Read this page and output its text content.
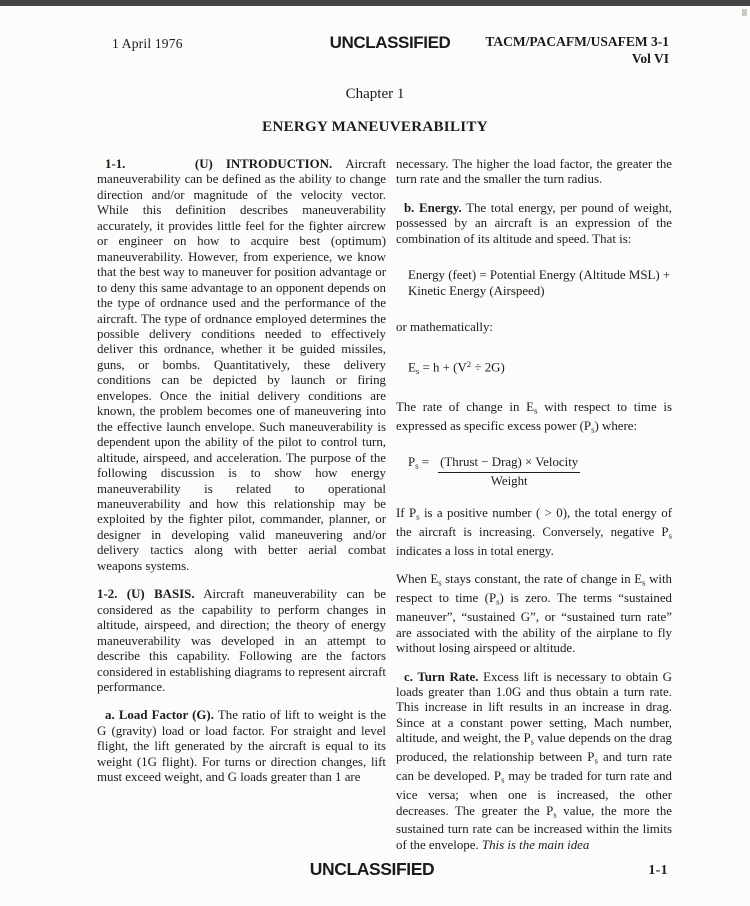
1 April 1976	UNCLASSIFIED	TACM/PACAFM/USAFEM 3-1
Vol VI
Chapter 1
ENERGY MANEUVERABILITY

1-1. (U) INTRODUCTION. Aircraft maneuverability can be defined as the ability to change direction and/or magnitude of the velocity vector. While this definition describes maneuverability accurately, it provides little feel for the fighter aircrew or engineer on how to acquire best (optimum) maneuverability. However, from experience, we know that the best way to maneuver for position advantage or to deny this same advantage to an opponent depends on the type of ordnance used and the performance of the aircraft. The type of ordnance employed determines the possible delivery conditions needed to effectively deliver this ordnance, whether it be guided missiles, guns, or bombs. Quantitatively, these delivery conditions can be depicted by launch or firing envelopes. Once the initial delivery conditions are known, the problem becomes one of maneuvering into the effective launch envelope. Such maneuverability is dependent upon the ability of the pilot to control turn, altitude, airspeed, and acceleration. The purpose of the following discussion is to show how energy maneuverability is related to operational maneuverability and how this relationship may be exploited by the fighter pilot, commander, planner, or designer in developing valid maneuvering and/or delivery tactics along with better aerial combat weapons systems.

1-2. (U) BASIS. Aircraft maneuverability can be considered as the capability to perform changes in altitude, airspeed, and direction; the theory of energy maneuverability was developed in an attempt to describe this capability. Following are the factors considered in establishing diagrams to represent aircraft performance.

a. Load Factor (G). The ratio of lift to weight is the G (gravity) load or load factor. For straight and level flight, the lift generated by the aircraft is equal to its weight (1G flight). For turns or direction changes, lift must exceed weight, and G loads greater than 1 are

necessary. The higher the load factor, the greater the turn rate and the smaller the turn radius.

b. Energy. The total energy, per pound of weight, possessed by an aircraft is an expression of the combination of its altitude and speed. That is:

Energy (feet) = Potential Energy (Altitude MSL) + Kinetic Energy (Airspeed)

or mathematically:

$Es = h + (V^2 \div 2G)$

The rate of change in Es with respect to time is expressed as specific excess power (Ps) where:

$Ps = \frac{\text{(Thrust − Drag) × Velocity}}{\text{Weight}}$

If Ps is a positive number ( > 0), the total energy of the aircraft is increasing. Conversely, negative Ps indicates a loss in total energy.

When Es stays constant, the rate of change in Es with respect to time (Ps) is zero. The terms “sustained maneuver”, “sustained G”, or “sustained turn rate” are associated with the ability of the airplane to fly without losing airspeed or altitude.

c. Turn Rate. Excess lift is necessary to obtain G loads greater than 1.0G and thus obtain a turn rate. This increase in lift results in an increase in drag. Since at a constant power setting, Mach number, altitude, and weight, the Ps value depends on the drag produced, the relationship between Ps and turn rate can be developed. Ps may be traded for turn rate and vice versa; when one is increased, the other decreases. The greater the Ps value, the more the sustained turn rate can be increased within the limits of the envelope. This is the main idea

UNCLASSIFIED	1-1
